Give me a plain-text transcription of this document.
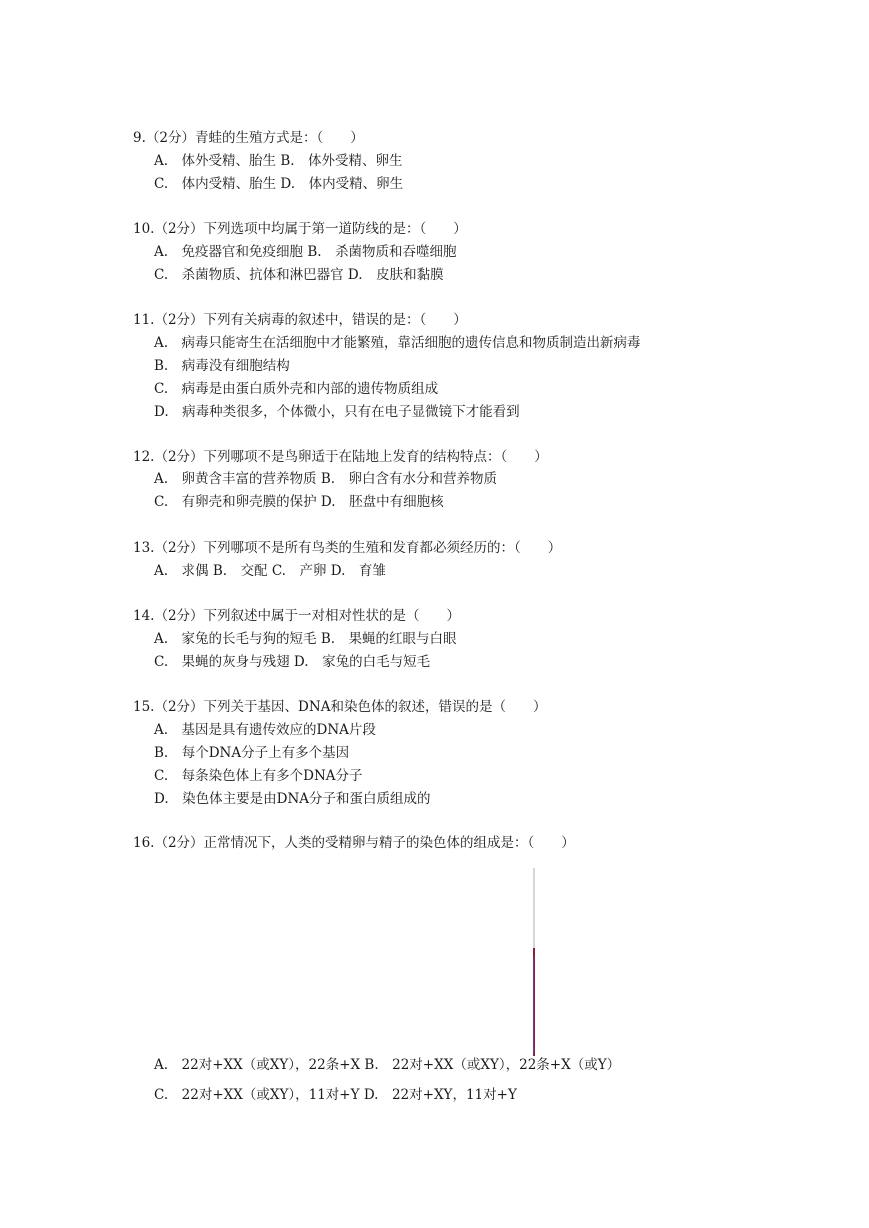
9.（2分）青蛙的生殖方式是：（　　）
A.　体外受精、胎生 B.　体外受精、卵生
C.　体内受精、胎生 D.　体内受精、卵生
10.（2分）下列选项中均属于第一道防线的是：（　　）
A.　免疫器官和免疫细胞 B.　杀菌物质和吞噬细胞
C.　杀菌物质、抗体和淋巴器官 D.　皮肤和黏膜
11.（2分）下列有关病毒的叙述中，错误的是：（　　）
A.　病毒只能寄生在活细胞中才能繁殖，靠活细胞的遗传信息和物质制造出新病毒
B.　病毒没有细胞结构
C.　病毒是由蛋白质外壳和内部的遗传物质组成
D.　病毒种类很多，个体微小，只有在电子显微镜下才能看到
12.（2分）下列哪项不是鸟卵适于在陆地上发育的结构特点：（　　）
A.　卵黄含丰富的营养物质 B.　卵白含有水分和营养物质
C.　有卵壳和卵壳膜的保护 D.　胚盘中有细胞核
13.（2分）下列哪项不是所有鸟类的生殖和发育都必须经历的：（　　）
A.　求偶 B.　交配 C.　产卵 D.　育雏
14.（2分）下列叙述中属于一对相对性状的是（　　）
A.　家兔的长毛与狗的短毛 B.　果蝇的红眼与白眼
C.　果蝇的灰身与残翅 D.　家兔的白毛与短毛
15.（2分）下列关于基因、DNA和染色体的叙述，错误的是（　　）
A.　基因是具有遗传效应的DNA片段
B.　每个DNA分子上有多个基因
C.　每条染色体上有多个DNA分子
D.　染色体主要是由DNA分子和蛋白质组成的
16.（2分）正常情况下，人类的受精卵与精子的染色体的组成是：（　　）
A.　22对+XX（或XY），22条+X B.　22对+XX（或XY），22条+X（或Y）
C.　22对+XX（或XY），11对+Y D.　22对+XY，11对+Y
